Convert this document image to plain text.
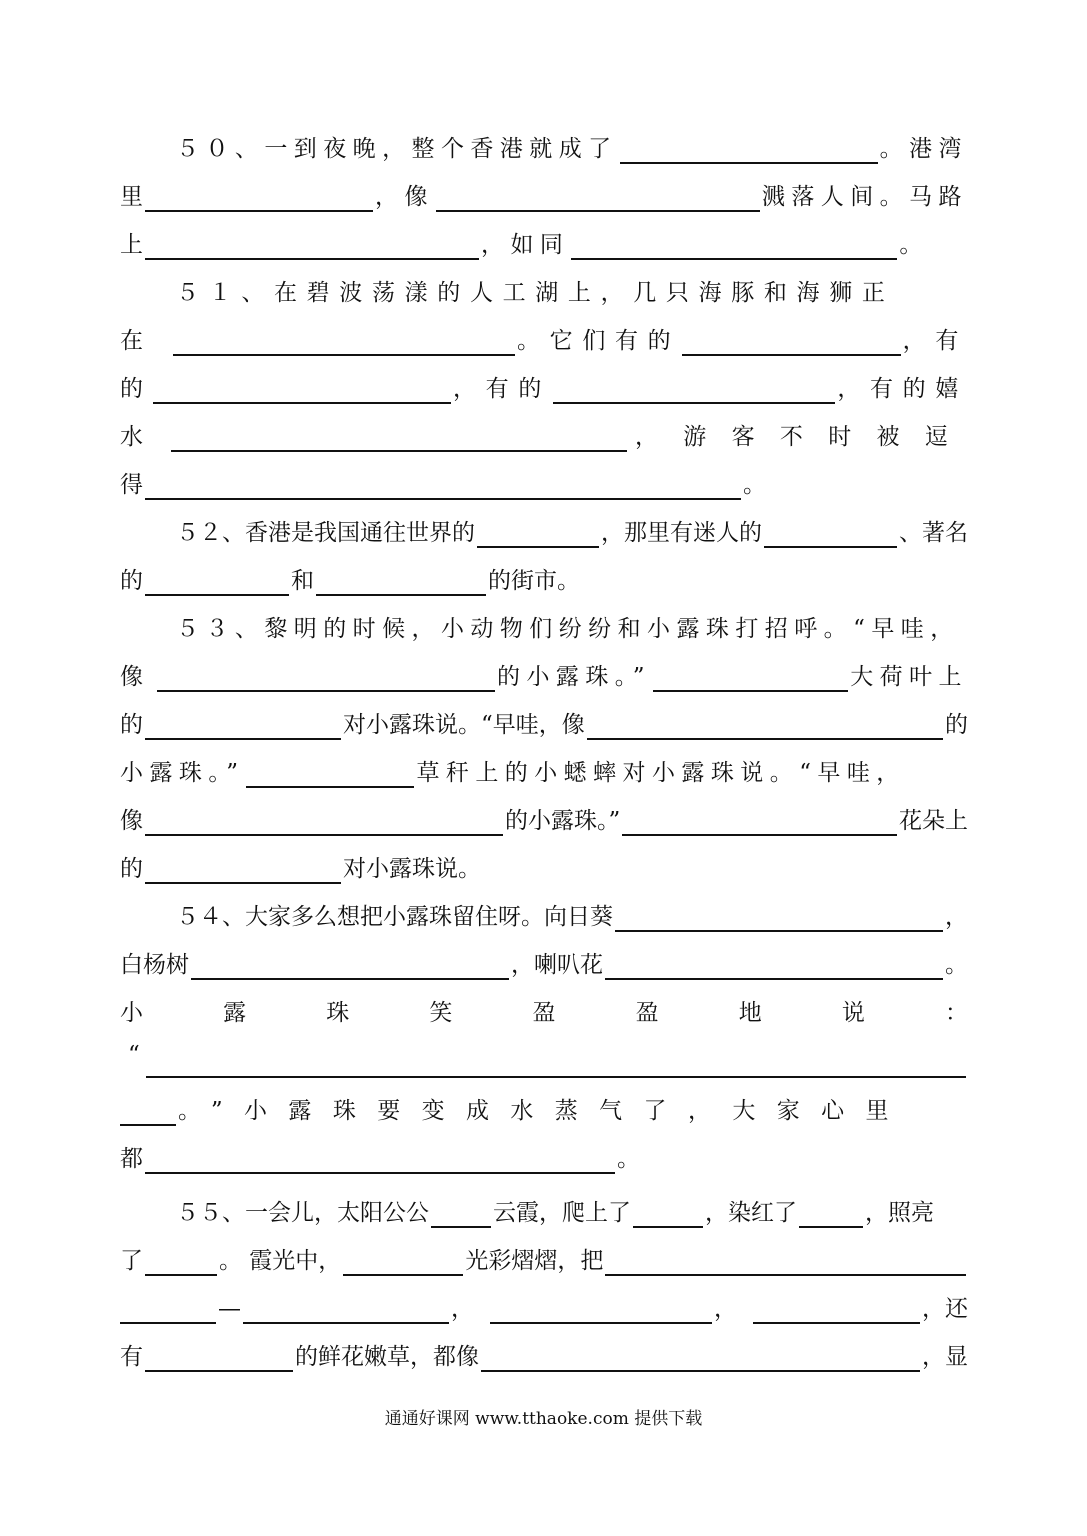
５０、一到夜晚，整个香港就成了	。港湾
里	，像	溅落人间。马路
上	，如同	。
５１、在碧波荡漾的人工湖上，几只海豚和海狮正
在	。它们有的	，有
的	，有的	，有的嬉
水	，游客不时被逗
得	。
５２、香港是我国通往世界的	，那里有迷人的	、著名
的	和	的街市。
５３、黎明的时候，小动物们纷纷和小露珠打招呼。“早哇，
像	的小露珠。”	大荷叶上
的	对小露珠说。“早哇，像	的
小露珠。”	草秆上的小蟋蟀对小露珠说。“早哇，
像	的小露珠。”	花朵上
的	对小露珠说。
５４、大家多么想把小露珠留住呀。向日葵	，
白杨树	，喇叭花	。
小	露	珠	笑	盈	盈	地	说	：
“
。”小露珠要变成水蒸气了，大家心里
都	。
５５、一会儿，太阳公公	云霞，爬上了	，染红了	，照亮
了	。 霞光中，	光彩熠熠，把
—	，	，	，还
有	的鲜花嫩草，都像	，显
通通好课网 www.tthaoke.com 提供下载
